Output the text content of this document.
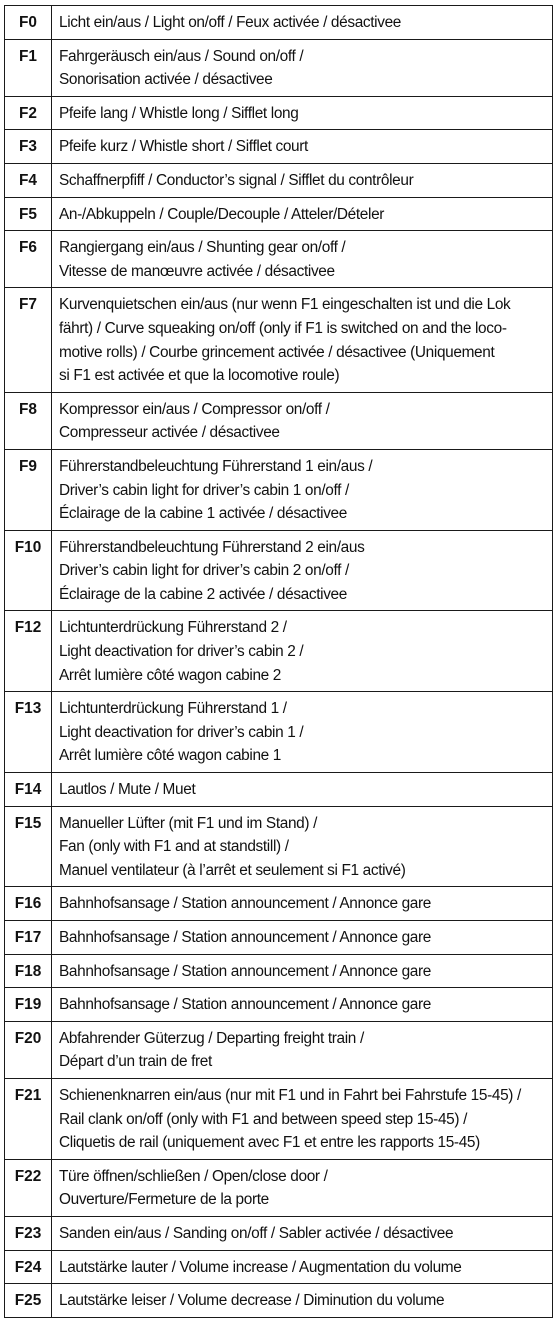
F0	Licht ein/aus / Light on/off / Feux activée / désactivee

F1	Fahrgeräusch ein/aus / Sound on/off /
Sonorisation activée / désactivee

F2	Pfeife lang / Whistle long / Sifflet long

F3	Pfeife kurz / Whistle short / Sifflet court

F4	Schaffnerpfiff / Conductor’s signal / Sifflet du contrôleur

F5	An-/Abkuppeln / Couple/Decouple / Atteler/Dételer

F6	Rangiergang ein/aus / Shunting gear on/off /
Vitesse de manœuvre activée / désactivee

F7	Kurvenquietschen ein/aus (nur wenn F1 eingeschalten ist und die Lok
fährt) / Curve squeaking on/off (only if F1 is switched on and the loco-
motive rolls) / Courbe grincement activée / désactivee (Uniquement
si F1 est activée et que la locomotive roule)

F8	Kompressor ein/aus / Compressor on/off /
Compresseur activée / désactivee

F9	Führerstandbeleuchtung Führerstand 1 ein/aus /
Driver’s cabin light for driver’s cabin 1 on/off /
Éclairage de la cabine 1 activée / désactivee

F10	Führerstandbeleuchtung Führerstand 2 ein/aus
Driver’s cabin light for driver’s cabin 2 on/off /
Éclairage de la cabine 2 activée / désactivee

F12	Lichtunterdrückung Führerstand 2 /
Light deactivation for driver’s cabin 2 /
Arrêt lumière côté wagon cabine 2

F13	Lichtunterdrückung Führerstand 1 /
Light deactivation for driver’s cabin 1 /
Arrêt lumière côté wagon cabine 1

F14	Lautlos / Mute / Muet

F15	Manueller Lüfter (mit F1 und im Stand) /
Fan (only with F1 and at standstill) /
Manuel ventilateur (à l’arrêt et seulement si F1 activé)

F16	Bahnhofsansage / Station announcement / Annonce gare

F17	Bahnhofsansage / Station announcement / Annonce gare

F18	Bahnhofsansage / Station announcement / Annonce gare

F19	Bahnhofsansage / Station announcement / Annonce gare

F20	Abfahrender Güterzug / Departing freight train /
Départ d’un train de fret

F21	Schienenknarren ein/aus (nur mit F1 und in Fahrt bei Fahrstufe 15-45) /
Rail clank on/off (only with F1 and between speed step 15-45) /
Cliquetis de rail (uniquement avec F1 et entre les rapports 15-45)

F22	Türe öffnen/schließen / Open/close door /
Ouverture/Fermeture de la porte

F23	Sanden ein/aus / Sanding on/off / Sabler activée / désactivee

F24	Lautstärke lauter / Volume increase / Augmentation du volume

F25	Lautstärke leiser / Volume decrease / Diminution du volume
